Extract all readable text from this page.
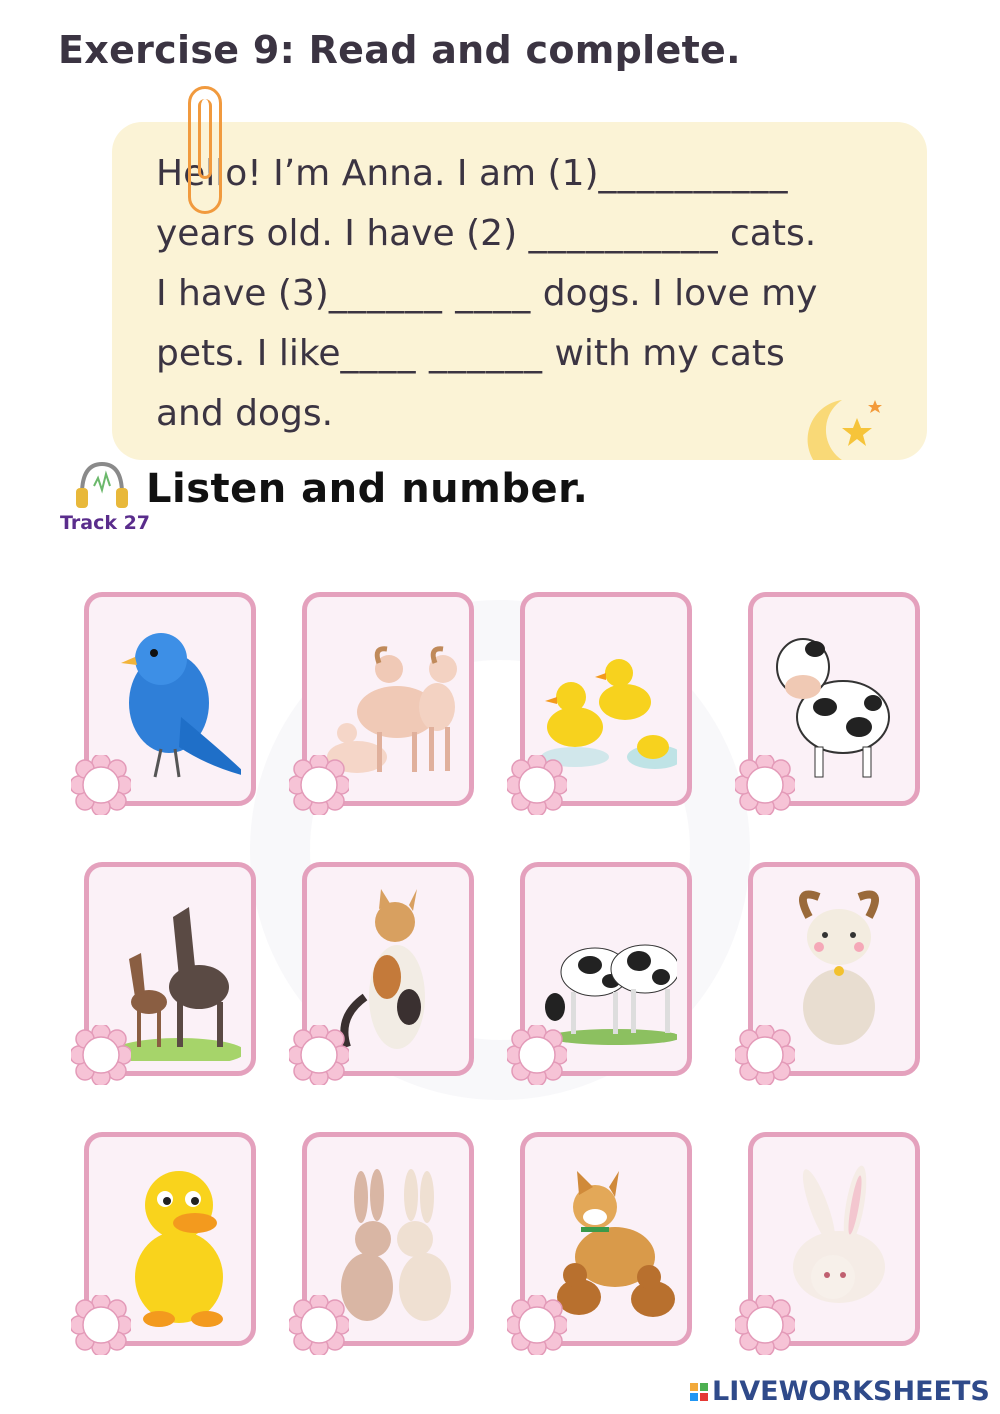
Exercise 9: Read and complete.
Hello! I’m Anna. I am (1)__________
years old. I have (2) __________ cats.
I have (3)______ ____ dogs. I love my
pets. I like____ ______ with my cats
and dogs.
Track 27
Listen and number.
LIVEWORKSHEETS
